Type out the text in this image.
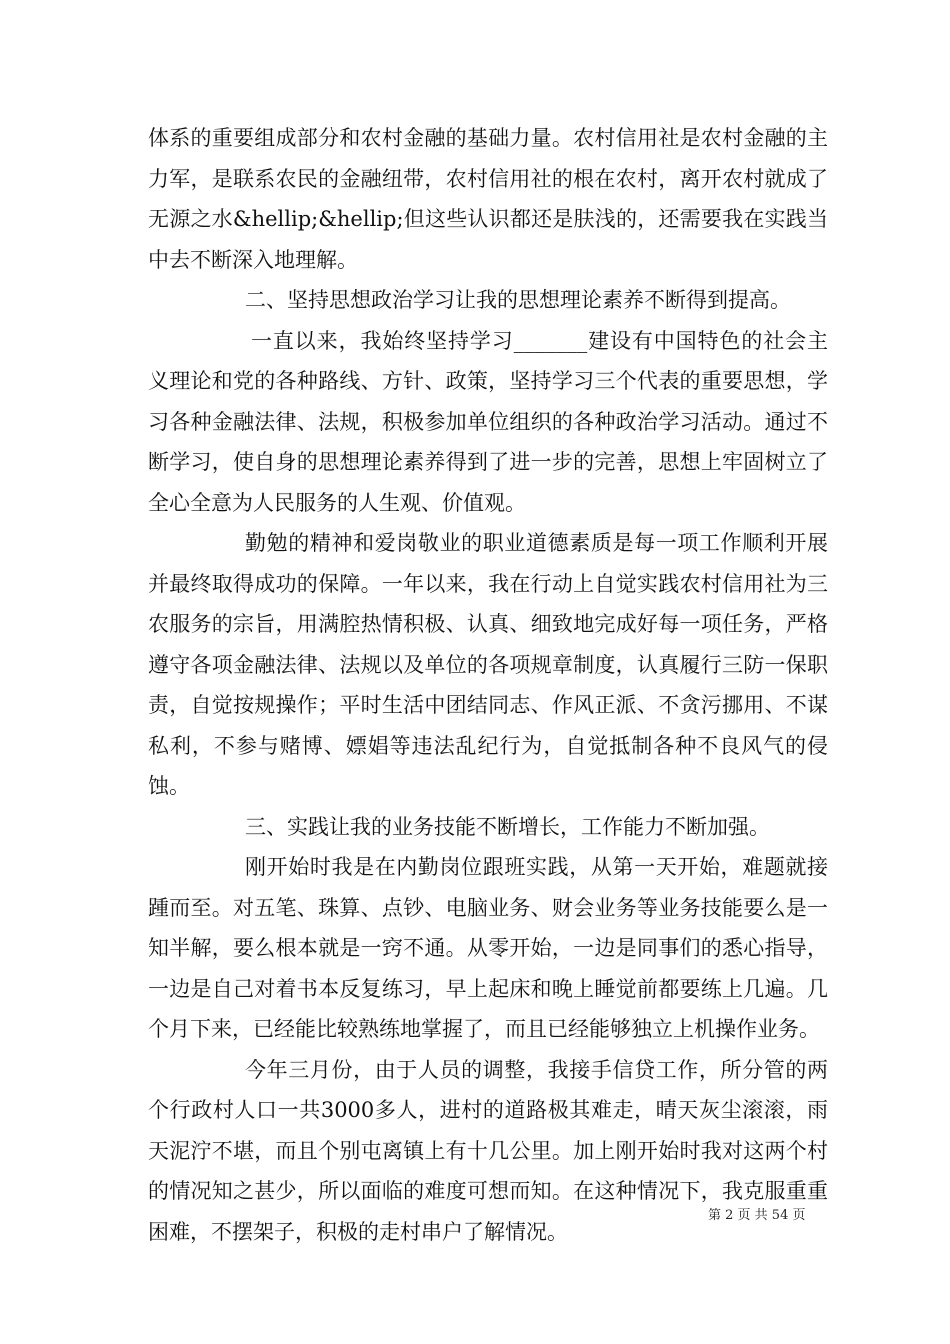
体系的重要组成部分和农村金融的基础力量。农村信用社是农村金融的主力军，是联系农民的金融纽带，农村信用社的根在农村，离开农村就成了无源之水&hellip;&hellip;但这些认识都还是肤浅的，还需要我在实践当中去不断深入地理解。

二、坚持思想政治学习让我的思想理论素养不断得到提高。

一直以来，我始终坚持学习_______建设有中国特色的社会主义理论和党的各种路线、方针、政策，坚持学习三个代表的重要思想，学习各种金融法律、法规，积极参加单位组织的各种政治学习活动。通过不断学习，使自身的思想理论素养得到了进一步的完善，思想上牢固树立了全心全意为人民服务的人生观、价值观。

勤勉的精神和爱岗敬业的职业道德素质是每一项工作顺利开展并最终取得成功的保障。一年以来，我在行动上自觉实践农村信用社为三农服务的宗旨，用满腔热情积极、认真、细致地完成好每一项任务，严格遵守各项金融法律、法规以及单位的各项规章制度，认真履行三防一保职责，自觉按规操作；平时生活中团结同志、作风正派、不贪污挪用、不谋私利，不参与赌博、嫖娼等违法乱纪行为，自觉抵制各种不良风气的侵蚀。

三、实践让我的业务技能不断增长，工作能力不断加强。

刚开始时我是在内勤岗位跟班实践，从第一天开始，难题就接踵而至。对五笔、珠算、点钞、电脑业务、财会业务等业务技能要么是一知半解，要么根本就是一窍不通。从零开始，一边是同事们的悉心指导，一边是自己对着书本反复练习，早上起床和晚上睡觉前都要练上几遍。几个月下来，已经能比较熟练地掌握了，而且已经能够独立上机操作业务。

今年三月份，由于人员的调整，我接手信贷工作，所分管的两个行政村人口一共3000多人，进村的道路极其难走，晴天灰尘滚滚，雨天泥泞不堪，而且个别屯离镇上有十几公里。加上刚开始时我对这两个村的情况知之甚少，所以面临的难度可想而知。在这种情况下，我克服重重困难，不摆架子，积极的走村串户了解情况。

第 2 页 共 54 页
